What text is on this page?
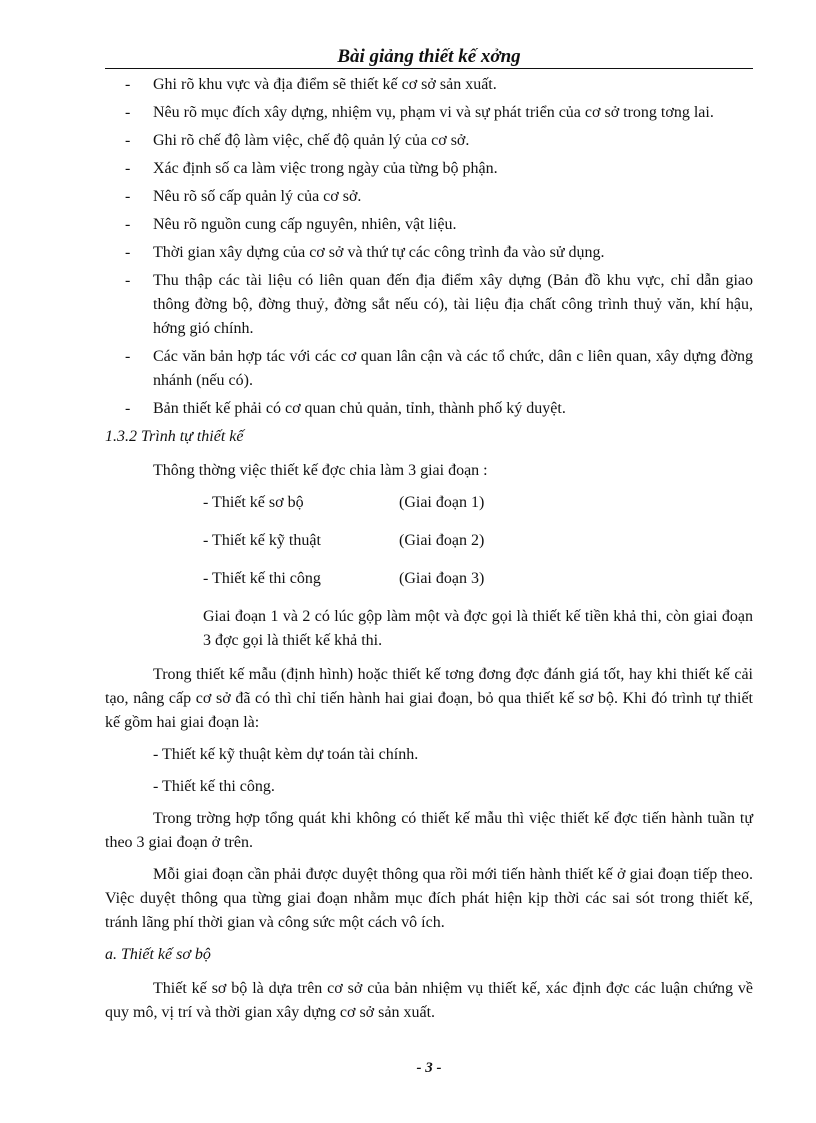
Bài giảng thiết kế xởng
- Ghi rõ khu vực và địa điểm sẽ thiết kế cơ sở sản xuất.
- Nêu rõ mục đích xây dựng, nhiệm vụ, phạm vi và sự phát triển của cơ sở trong tơng lai.
- Ghi rõ chế độ làm việc, chế độ quản lý của cơ sở.
- Xác định số ca làm việc trong ngày của từng bộ phận.
- Nêu rõ số cấp quản lý của cơ sở.
- Nêu rõ nguồn cung cấp nguyên, nhiên, vật liệu.
- Thời gian xây dựng của cơ sở và thứ tự các công trình đa vào sử dụng.
- Thu thập các tài liệu có liên quan đến địa điểm xây dựng (Bản đồ khu vực, chỉ dẫn giao thông đờng bộ, đờng thuỷ, đờng sắt nếu có), tài liệu địa chất công trình thuỷ văn, khí hậu, hớng gió chính.
- Các văn bản hợp tác với các cơ quan lân cận và các tổ chức, dân c liên quan, xây dựng đờng nhánh (nếu có).
- Bản thiết kế phải có cơ quan chủ quản, tỉnh, thành phố ký duyệt.
1.3.2 Trình tự thiết kế

Thông thờng việc thiết kế đợc chia làm 3 giai đoạn :

- Thiết kế sơ bộ	(Giai đoạn 1)
- Thiết kế kỹ thuật	(Giai đoạn 2)
- Thiết kế thi công	(Giai đoạn 3)

Giai đoạn 1 và 2 có lúc gộp làm một và đợc gọi là thiết kế tiền khả thi, còn giai đoạn 3 đợc gọi là thiết kế khả thi.

Trong thiết kế mẫu (định hình) hoặc thiết kế tơng đơng đợc đánh giá tốt, hay khi thiết kế cải tạo, nâng cấp cơ sở đã có thì chỉ tiến hành hai giai đoạn, bỏ qua thiết kế sơ bộ. Khi đó trình tự thiết kế gồm hai giai đoạn là:

- Thiết kế kỹ thuật kèm dự toán tài chính.

- Thiết kế thi công.

Trong trờng hợp tổng quát khi không có thiết kế mẫu thì việc thiết kế đợc tiến hành tuần tự theo 3 giai đoạn ở trên.

Mỗi giai đoạn cần phải được duyệt thông qua rồi mới tiến hành thiết kế ở giai đoạn tiếp theo. Việc duyệt thông qua từng giai đoạn nhằm mục đích phát hiện kịp thời các sai sót trong thiết kế, tránh lãng phí thời gian và công sức một cách vô ích.

a. Thiết kế sơ bộ

Thiết kế sơ bộ là dựa trên cơ sở của bản nhiệm vụ thiết kế, xác định đợc các luận chứng về quy mô, vị trí và thời gian xây dựng cơ sở sản xuất.

- 3 -
